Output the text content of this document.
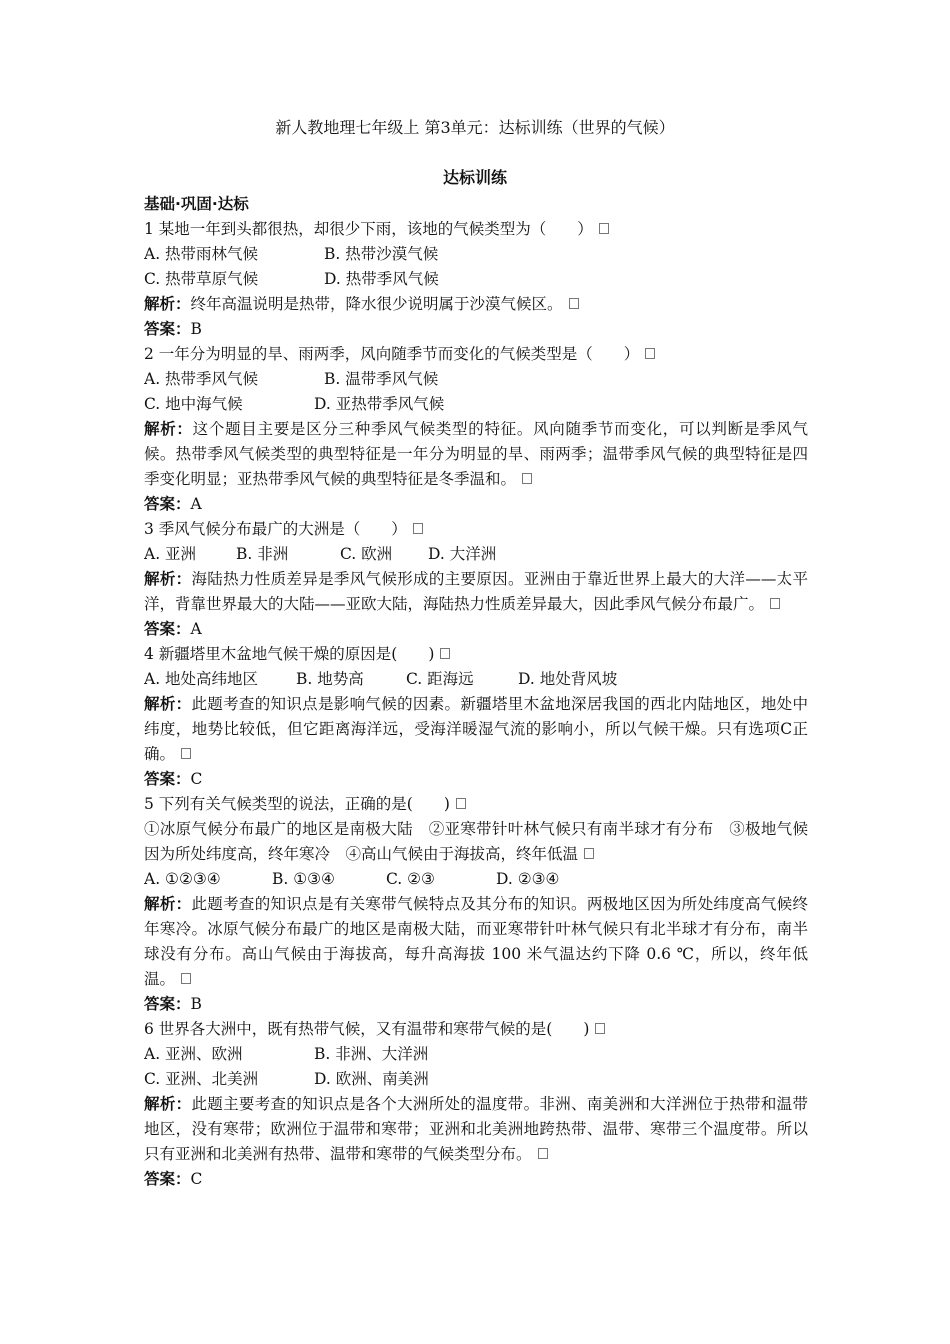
新人教地理七年级上 第3单元：达标训练（世界的气候）
达标训练
基础·巩固·达标
1 某地一年到头都很热，却很少下雨，该地的气候类型为（　　）
A. 热带雨林气候	B. 热带沙漠气候
C. 热带草原气候	D. 热带季风气候
解析：终年高温说明是热带，降水很少说明属于沙漠气候区。
答案：B
2 一年分为明显的旱、雨两季，风向随季节而变化的气候类型是（　　）
A. 热带季风气候	B. 温带季风气候
C. 地中海气候	D. 亚热带季风气候
解析：这个题目主要是区分三种季风气候类型的特征。风向随季节而变化，可以判断是季风气候。热带季风气候类型的典型特征是一年分为明显的旱、雨两季；温带季风气候的典型特征是四季变化明显；亚热带季风气候的典型特征是冬季温和。
答案：A
3 季风气候分布最广的大洲是（　　）
A. 亚洲	B. 非洲	C. 欧洲 D. 大洋洲
解析：海陆热力性质差异是季风气候形成的主要原因。亚洲由于靠近世界上最大的大洋——太平洋，背靠世界最大的大陆——亚欧大陆，海陆热力性质差异最大，因此季风气候分布最广。
答案：A
4 新疆塔里木盆地气候干燥的原因是(　　)
A. 地处高纬地区 B. 地势高	C. 距海远	D. 地处背风坡
解析：此题考查的知识点是影响气候的因素。新疆塔里木盆地深居我国的西北内陆地区，地处中纬度，地势比较低，但它距离海洋远，受海洋暖湿气流的影响小，所以气候干燥。只有选项C正确。
答案：C
5 下列有关气候类型的说法，正确的是(　　)
①冰原气候分布最广的地区是南极大陆　②亚寒带针叶林气候只有南半球才有分布　③极地气候因为所处纬度高，终年寒冷　④高山气候由于海拔高，终年低温
A. ①②③④	B. ①③④	C. ②③	D. ②③④
解析：此题考查的知识点是有关寒带气候特点及其分布的知识。两极地区因为所处纬度高气候终年寒冷。冰原气候分布最广的地区是南极大陆，而亚寒带针叶林气候只有北半球才有分布，南半球没有分布。高山气候由于海拔高，每升高海拔 100 米气温达约下降 0.6 ℃，所以，终年低温。
答案：B
6 世界各大洲中，既有热带气候，又有温带和寒带气候的是(　　)
A. 亚洲、欧洲	B. 非洲、大洋洲
C. 亚洲、北美洲	D. 欧洲、南美洲
解析：此题主要考查的知识点是各个大洲所处的温度带。非洲、南美洲和大洋洲位于热带和温带地区，没有寒带；欧洲位于温带和寒带；亚洲和北美洲地跨热带、温带、寒带三个温度带。所以只有亚洲和北美洲有热带、温带和寒带的气候类型分布。
答案：C
